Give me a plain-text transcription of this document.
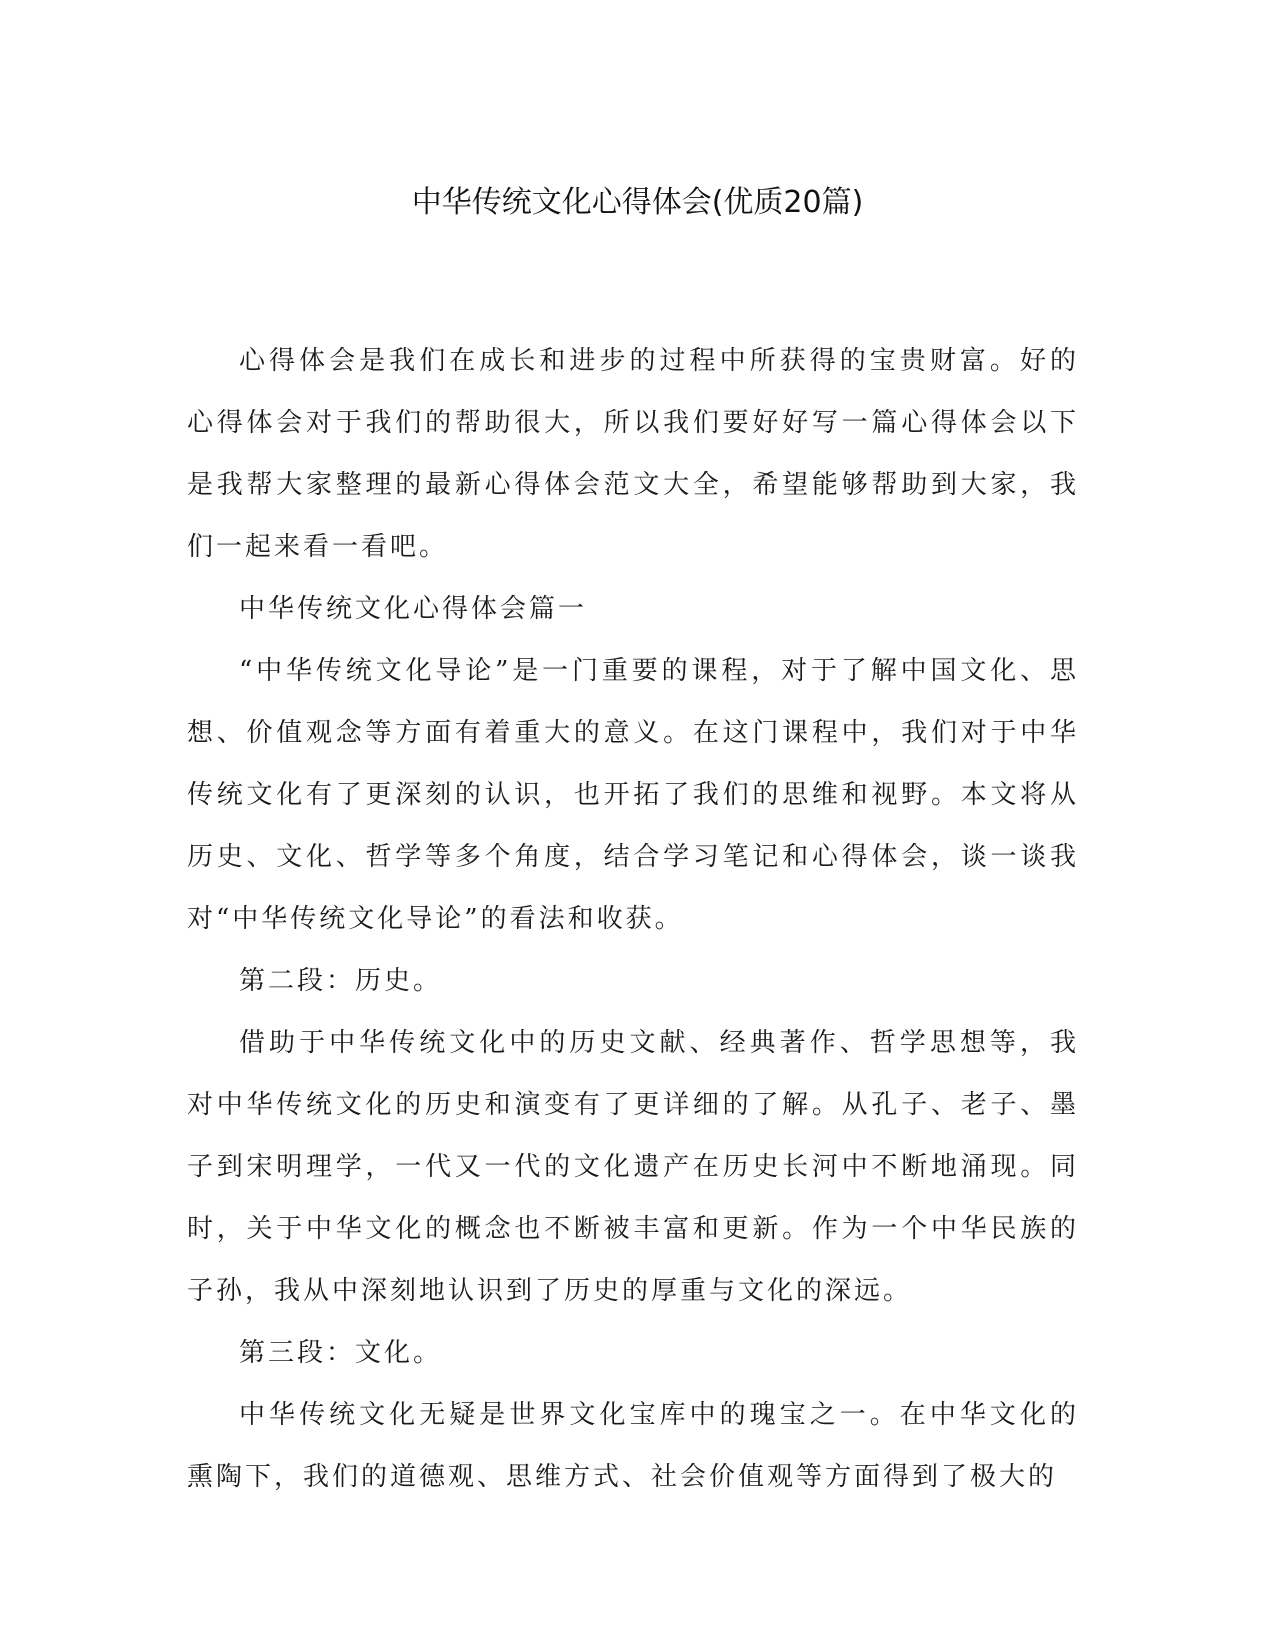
中华传统文化心得体会(优质20篇)

心得体会是我们在成长和进步的过程中所获得的宝贵财富。好的心得体会对于我们的帮助很大，所以我们要好好写一篇心得体会以下是我帮大家整理的最新心得体会范文大全，希望能够帮助到大家，我们一起来看一看吧。

中华传统文化心得体会篇一

“中华传统文化导论”是一门重要的课程，对于了解中国文化、思想、价值观念等方面有着重大的意义。在这门课程中，我们对于中华传统文化有了更深刻的认识，也开拓了我们的思维和视野。本文将从历史、文化、哲学等多个角度，结合学习笔记和心得体会，谈一谈我对“中华传统文化导论”的看法和收获。

第二段：历史。

借助于中华传统文化中的历史文献、经典著作、哲学思想等，我对中华传统文化的历史和演变有了更详细的了解。从孔子、老子、墨子到宋明理学，一代又一代的文化遗产在历史长河中不断地涌现。同时，关于中华文化的概念也不断被丰富和更新。作为一个中华民族的子孙，我从中深刻地认识到了历史的厚重与文化的深远。

第三段：文化。

中华传统文化无疑是世界文化宝库中的瑰宝之一。在中华文化的熏陶下，我们的道德观、思维方式、社会价值观等方面得到了极大的
